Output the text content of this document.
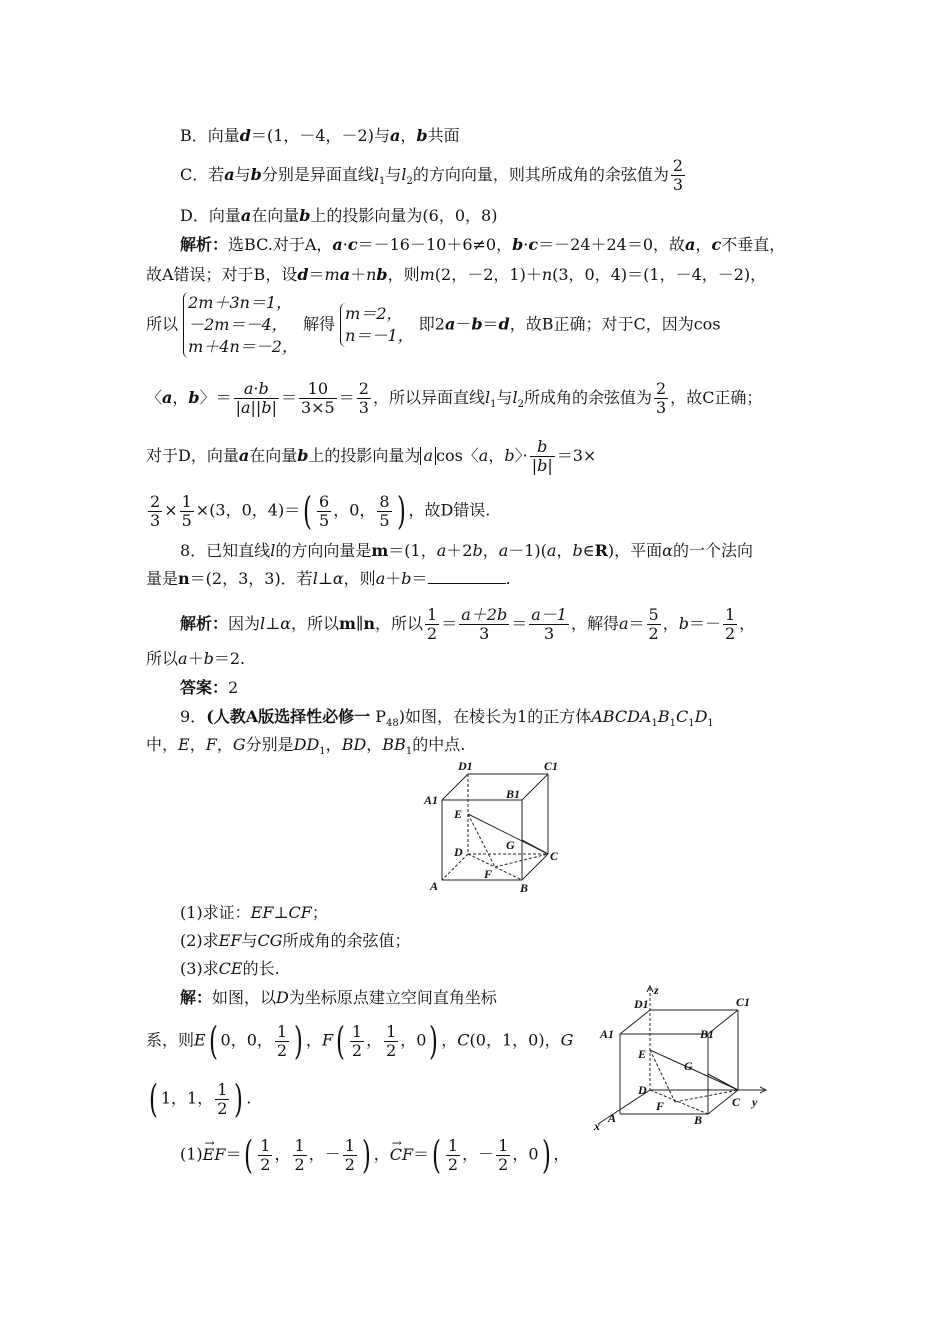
B．向量d＝(1，－4，－2)与a，b共面
C．若a与b分别是异面直线$l_1$与$l_2$的方向向量，则其所成角的余弦值为 $\frac{2}{3}$
D．向量a在向量b上的投影向量为(6，0，8)
解析：选BC.对于A，a·c＝－16－10＋6≠0，b·c＝－24＋24＝0，故a，c不垂直，
故A错误；对于B，设d＝ma＋nb，则m(2，－2，1)＋n(3，0，4)＝(1，－4，－2)，
所以
2m＋3n＝1，
－2m＝－4，
m＋4n＝－2，
解得
m＝2，
n＝－1，
即2a－b＝d，故B正确；对于C，因为cos
〈a，b〉＝ $\frac{a\cdot b}{|a||b|} = \frac{10}{3\times 5} = \frac{2}{3}$ ，所以异面直线$l_1$与$l_2$所成角的余弦值为 $\frac{2}{3}$ ，故C正确；
对于D，向量a在向量b上的投影向量为 a cos〈a，b〉· $\frac{b}{|b|} =3\times$
$\frac{2}{3} \times \frac{1}{5} \times(3$，0，$4)=( \frac{6}{5}$ ，0， $\frac{8}{5}$ ) ，故D错误.
8．已知直线l的方向向量是m＝(1，a＋2b，a－1)(a，b∈R)，平面α的一个法向
量是n＝(2，3，3)．若l⊥α，则a＋b＝	.
解析：因为l⊥α，所以m∥n，所以 $\frac{1}{2} = \frac{a+2b}{3} = \frac{a-1}{3}$ ，解得$a= \frac{5}{2}$ ，$b=- \frac{1}{2}$ ，
所以a＋b＝2.
答案：2
9．(人教A版选择性必修一 $P_{48}$)如图，在棱长为1的正方体$ABCDA_1B_1C_1D_1$
中，E，F，G分别是$DD_1$，BD，$BB_1$的中点.
D1	C1
A1	B1
E
G
D	C
F
A	B
(1)求证：EF⊥CF；
(2)求EF与CG所成角的余弦值；
(3)求CE的长.
解：如图，以D为坐标原点建立空间直角坐标
系，则E( 0，0， $\frac{1}{2}$ ) ，$F( \frac{1}{2}$ ， $\frac{1}{2}$ ，0) ，C(0，1，0)，G
( 1，1， $\frac{1}{2}$ ) .
$(1)\to EF=( \frac{1}{2}$ ， $\frac{1}{2}$ ，－ $\frac{1}{2}$ ) ，→ $CF=( \frac{1}{2}$ ，－ $\frac{1}{2}$ ，0) ，
z
D1	C1
A1	B1
E
G
D
F	C y
A
x	B
